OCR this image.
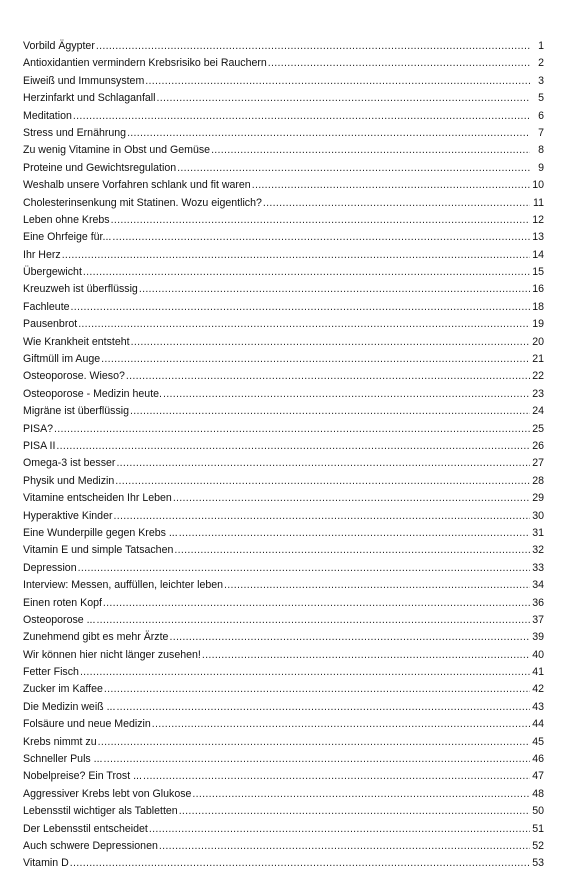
Vorbild Ägypter .....	1
Antioxidantien vermindern Krebsrisiko bei Rauchern .....	2
Eiweiß und Immunsystem .....	3
Herzinfarkt und Schlaganfall .....	5
Meditation .....	6
Stress und Ernährung .....	7
Zu wenig Vitamine in Obst und Gemüse .....	8
Proteine und Gewichtsregulation .....	9
Weshalb unsere Vorfahren schlank und fit waren .....	10
Cholesterinsenkung mit Statinen. Wozu eigentlich? .....	11
Leben ohne Krebs .....	12
Eine Ohrfeige für... .....	13
Ihr Herz .....	14
Übergewicht .....	15
Kreuzweh ist überflüssig .....	16
Fachleute .....	18
Pausenbrot .....	19
Wie Krankheit entsteht .....	20
Giftmüll im Auge .....	21
Osteoporose. Wieso? .....	22
Osteoporose - Medizin heute. .....	23
Migräne ist überflüssig .....	24
PISA? .....	25
PISA II .....	26
Omega-3 ist besser .....	27
Physik und Medizin .....	28
Vitamine entscheiden Ihr Leben .....	29
Hyperaktive Kinder .....	30
Eine Wunderpille gegen Krebs ... .....	31
Vitamin E und simple Tatsachen .....	32
Depression .....	33
Interview: Messen, auffüllen, leichter leben .....	34
Einen roten Kopf .....	36
Osteoporose ... .....	37
Zunehmend gibt es mehr Ärzte .....	39
Wir können hier nicht länger zusehen! .....	40
Fetter Fisch .....	41
Zucker im Kaffee .....	42
Die Medizin weiß ... .....	43
Folsäure und neue Medizin .....	44
Krebs nimmt zu .....	45
Schneller Puls ... .....	46
Nobelpreise? Ein Trost ... .....	47
Aggressiver Krebs lebt von Glukose .....	48
Lebensstil wichtiger als Tabletten .....	50
Der Lebensstil entscheidet .....	51
Auch schwere Depressionen .....	52
Vitamin D .....	53
